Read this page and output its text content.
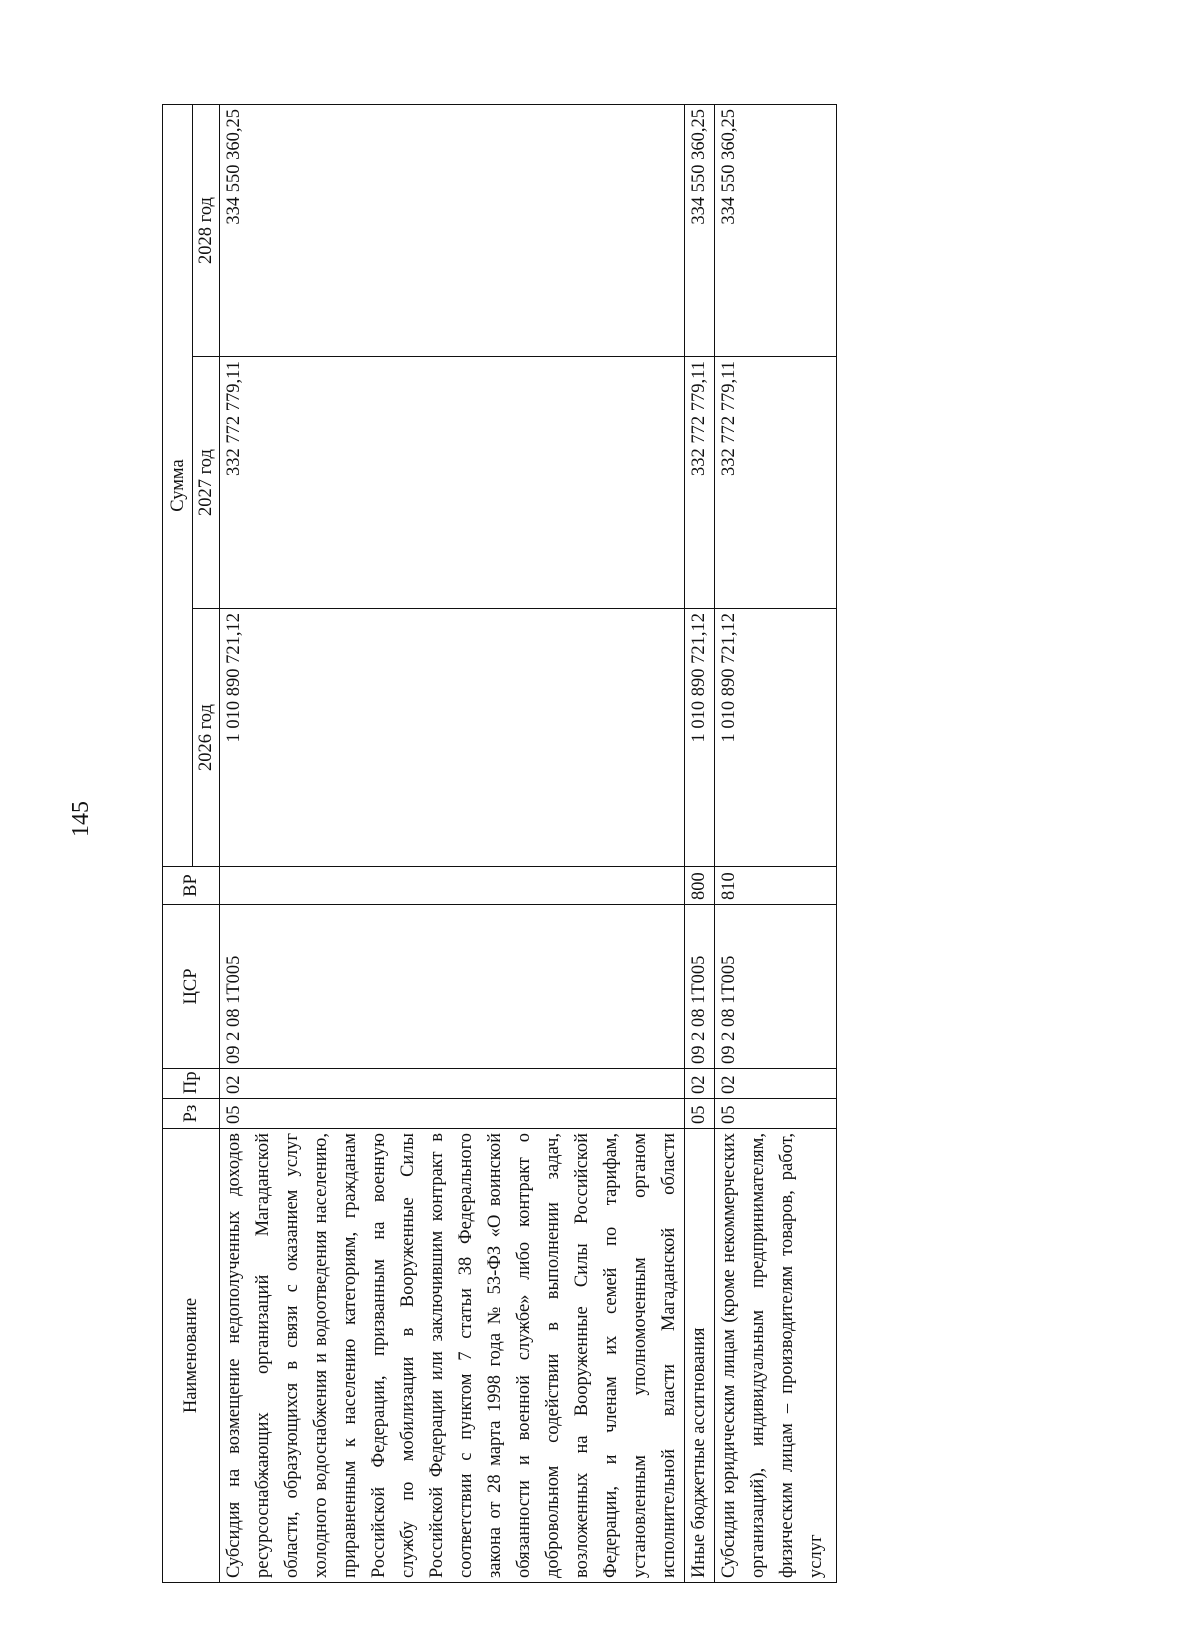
145
Наименование	Рз	Пр	ЦСР	ВР	Сумма		
					2026 год	2027 год	2028 год
Субсидия на возмещение недополученных доходов ресурсоснабжающих организаций Магаданской области, образующихся в связи с оказанием услуг холодного водоснабжения и водоотведения населению, приравненным к населению категориям, гражданам Российской Федерации, призванным на военную службу по мобилизации в Вооруженные Силы Российской Федерации или заключившим контракт в соответствии с пунктом 7 статьи 38 Федерального закона от 28 марта 1998 года № 53-ФЗ «О воинской обязанности и военной службе» либо контракт о добровольном содействии в выполнении задач, возложенных на Вооруженные Силы Российской Федерации, и членам их семей по тарифам, установленным уполномоченным органом исполнительной власти Магаданской области	05	02	09 2 08 1Т005		1 010 890 721,12	332 772 779,11	334 550 360,25
Иные бюджетные ассигнования	05	02	09 2 08 1Т005	800	1 010 890 721,12	332 772 779,11	334 550 360,25
Субсидии юридическим лицам (кроме некоммерческих организаций), индивидуальным предпринимателям, физическим лицам – производителям товаров, работ, услуг	05	02	09 2 08 1Т005	810	1 010 890 721,12	332 772 779,11	334 550 360,25
